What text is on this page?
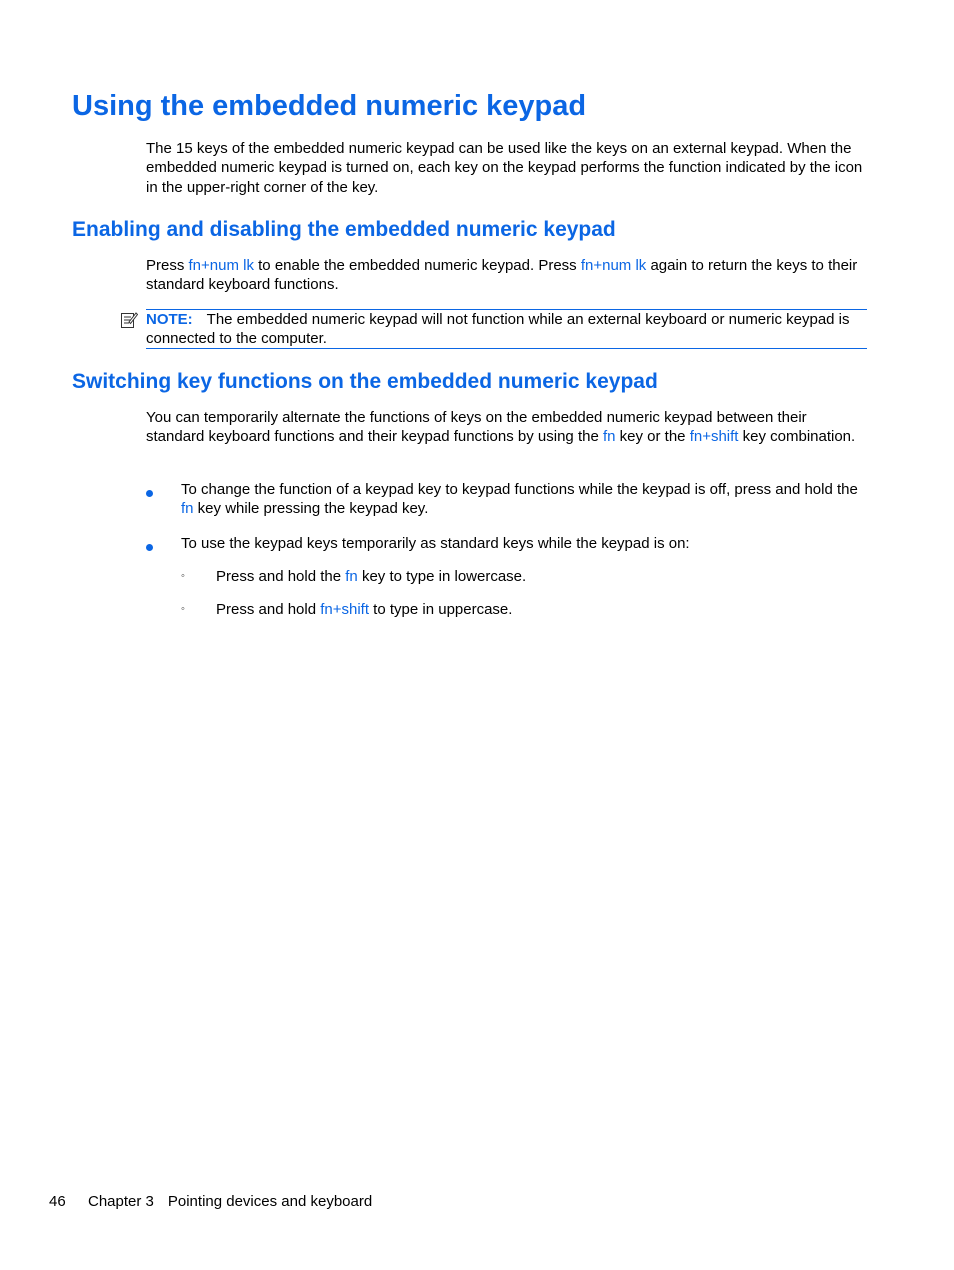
Using the embedded numeric keypad

The 15 keys of the embedded numeric keypad can be used like the keys on an external keypad. When the embedded numeric keypad is turned on, each key on the keypad performs the function indicated by the icon in the upper-right corner of the key.

Enabling and disabling the embedded numeric keypad

Press fn+num lk to enable the embedded numeric keypad. Press fn+num lk again to return the keys to their standard keyboard functions.

NOTE: The embedded numeric keypad will not function while an external keyboard or numeric keypad is connected to the computer.

Switching key functions on the embedded numeric keypad

You can temporarily alternate the functions of keys on the embedded numeric keypad between their standard keyboard functions and their keypad functions by using the fn key or the fn+shift key combination.

To change the function of a keypad key to keypad functions while the keypad is off, press and hold the fn key while pressing the keypad key.

To use the keypad keys temporarily as standard keys while the keypad is on:

◦ Press and hold the fn key to type in lowercase.

◦ Press and hold fn+shift to type in uppercase.

46 Chapter 3 Pointing devices and keyboard
